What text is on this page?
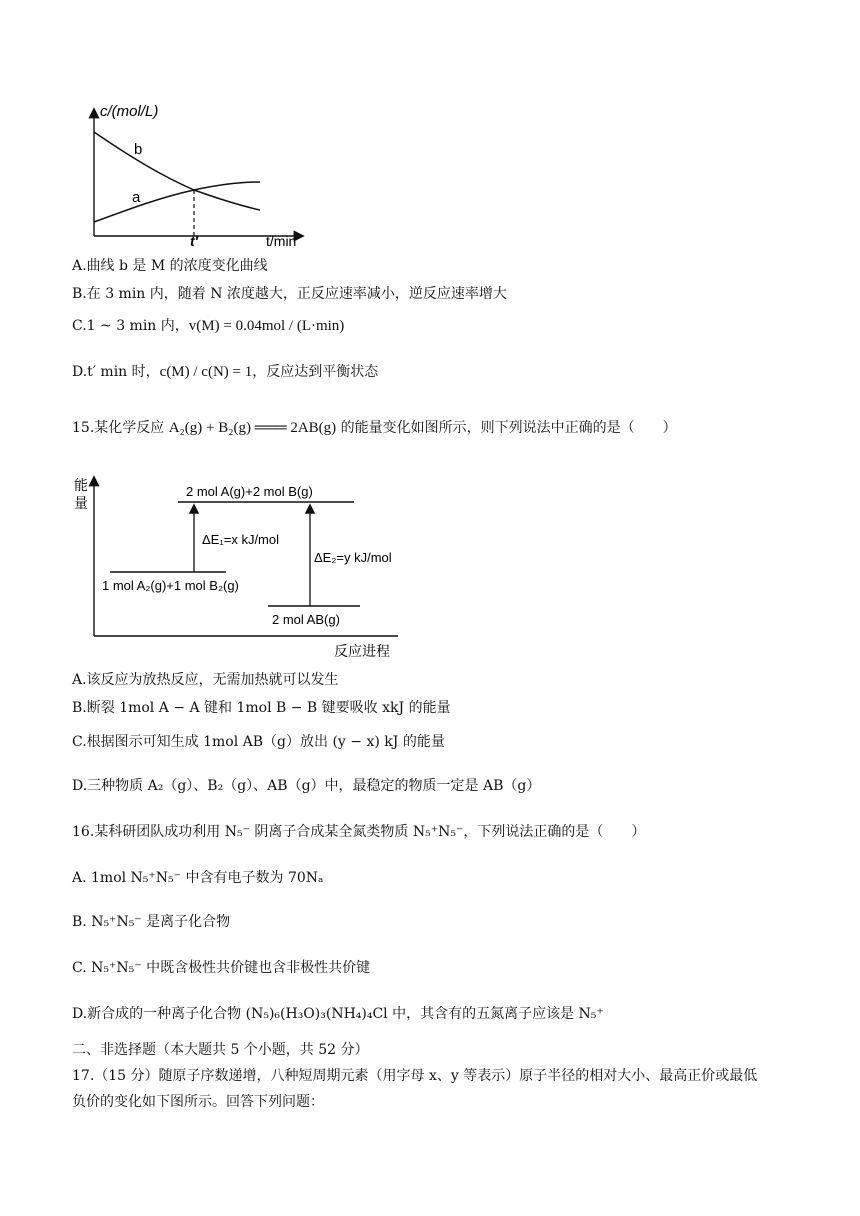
c/(mol/L)
b
a
t′	t/min
A.曲线 b 是 M 的浓度变化曲线
B.在 3 min 内，随着 N 浓度越大，正反应速率减小，逆反应速率增大
C.1 ~ 3 min 内，v(M) = 0.04mol / (L·min)
D.t′ min 时，c(M) / c(N) = 1，反应达到平衡状态
15.某化学反应 A₂(g) + B₂(g) ═══ 2AB(g) 的能量变化如图所示，则下列说法中正确的是（　　）
能
量
反应进程
2 mol A(g)+2 mol B(g)
1 mol A₂(g)+1 mol B₂(g)
2 mol AB(g)
ΔE₁=x kJ/mol
ΔE₂=y kJ/mol
A.该反应为放热反应，无需加热就可以发生
B.断裂 1mol A − A 键和 1mol B − B 键要吸收 xkJ 的能量
C.根据图示可知生成 1mol AB（g）放出 (y − x) kJ 的能量
D.三种物质 A₂（g）、B₂（g）、AB（g）中，最稳定的物质一定是 AB（g）
16.某科研团队成功利用 N₅⁻ 阴离子合成某全氮类物质 N₅⁺N₅⁻，下列说法正确的是（　　）
A. 1mol N₅⁺N₅⁻ 中含有电子数为 70Nₐ
B. N₅⁺N₅⁻ 是离子化合物
C. N₅⁺N₅⁻ 中既含极性共价键也含非极性共价键
D.新合成的一种离子化合物 (N₅)₆(H₃O)₃(NH₄)₄Cl 中，其含有的五氮离子应该是 N₅⁺
二、非选择题（本大题共 5 个小题，共 52 分）
17.（15 分）随原子序数递增，八种短周期元素（用字母 x、y 等表示）原子半径的相对大小、最高正价或最低
负价的变化如下图所示。回答下列问题：
